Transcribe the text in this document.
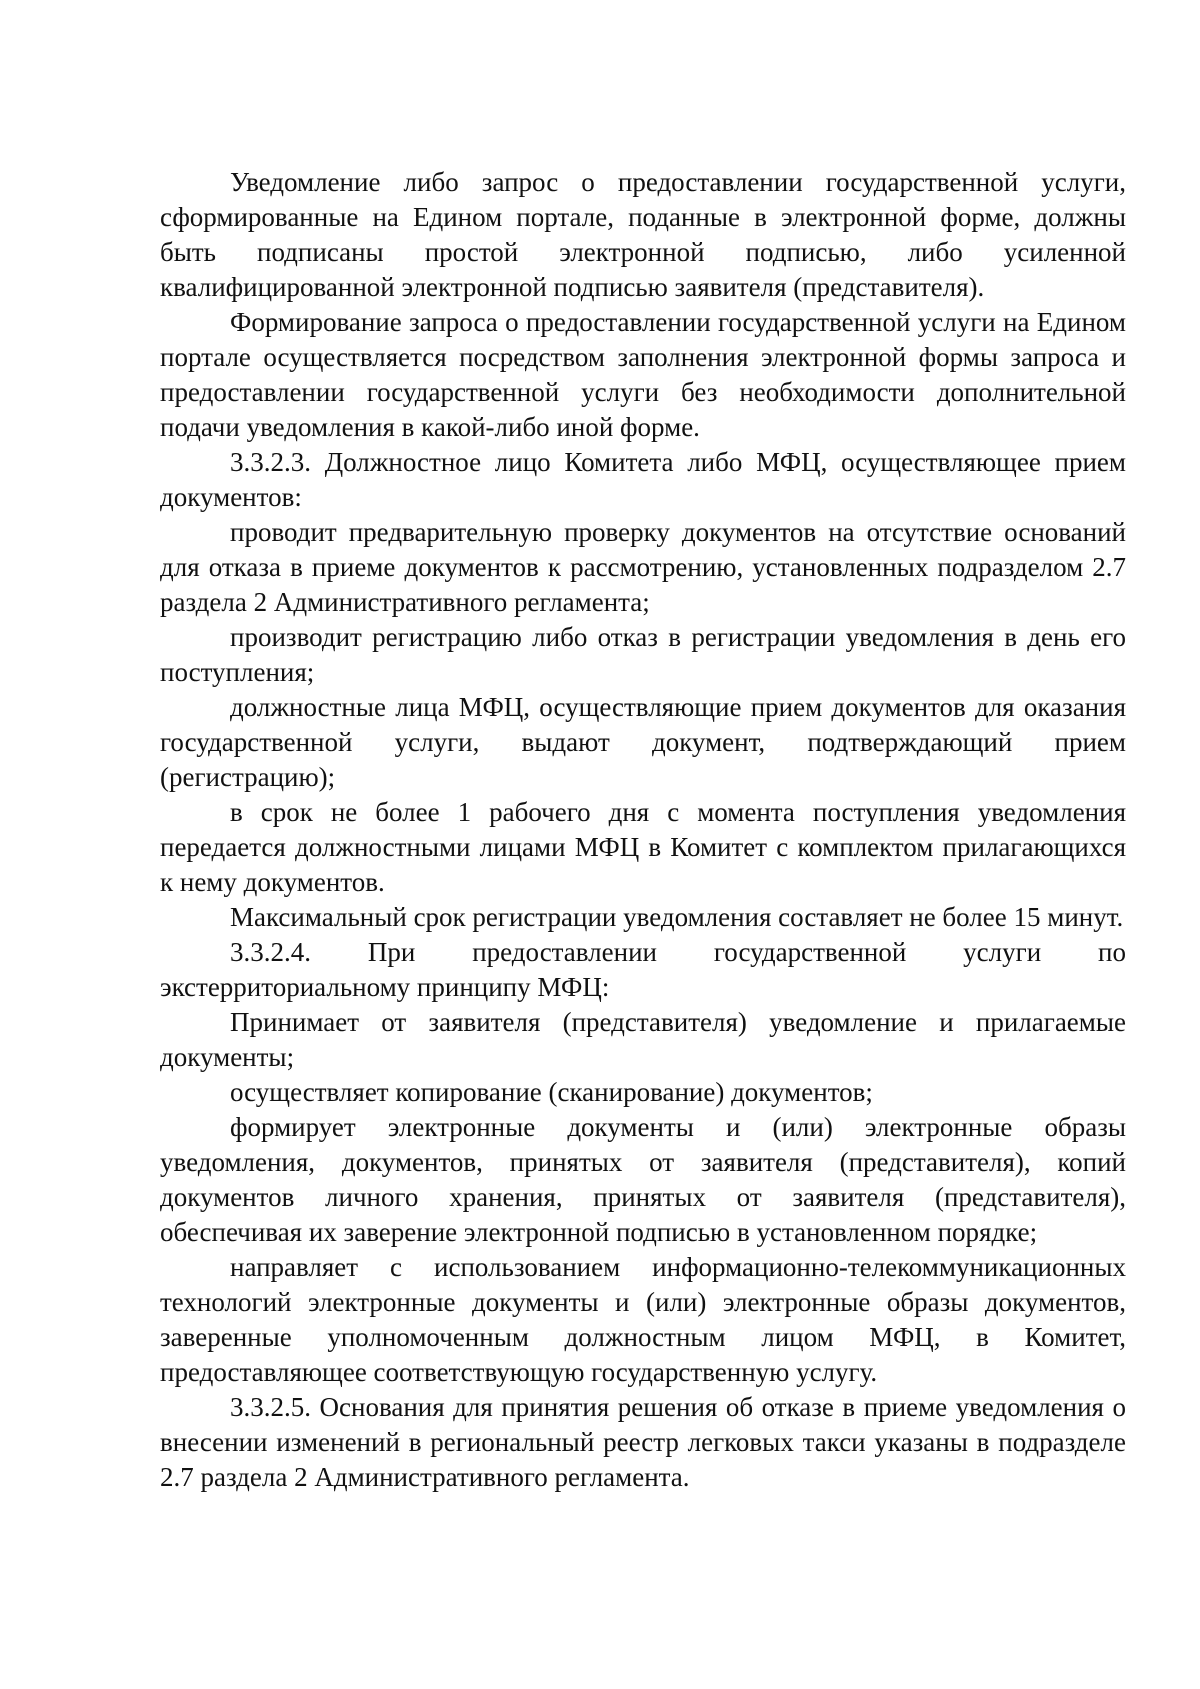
Уведомление либо запрос о предоставлении государственной услуги, сформированные на Едином портале, поданные в электронной форме, должны быть подписаны простой электронной подписью, либо усиленной квалифицированной электронной подписью заявителя (представителя).

Формирование запроса о предоставлении государственной услуги на Едином портале осуществляется посредством заполнения электронной формы запроса и предоставлении государственной услуги без необходимости дополнительной подачи уведомления в какой-либо иной форме.

3.3.2.3. Должностное лицо Комитета либо МФЦ, осуществляющее прием документов:

проводит предварительную проверку документов на отсутствие оснований для отказа в приеме документов к рассмотрению, установленных подразделом 2.7 раздела 2 Административного регламента;

производит регистрацию либо отказ в регистрации уведомления в день его поступления;

должностные лица МФЦ, осуществляющие прием документов для оказания государственной услуги, выдают документ, подтверждающий прием (регистрацию);

в срок не более 1 рабочего дня с момента поступления уведомления передается должностными лицами МФЦ в Комитет с комплектом прилагающихся к нему документов.

Максимальный срок регистрации уведомления составляет не более 15 минут.

3.3.2.4. При предоставлении государственной услуги по экстерриториальному принципу МФЦ:

Принимает от заявителя (представителя) уведомление и прилагаемые документы;

осуществляет копирование (сканирование) документов;

формирует электронные документы и (или) электронные образы уведомления, документов, принятых от заявителя (представителя), копий документов личного хранения, принятых от заявителя (представителя), обеспечивая их заверение электронной подписью в установленном порядке;

направляет с использованием информационно-телекоммуникационных технологий электронные документы и (или) электронные образы документов, заверенные уполномоченным должностным лицом МФЦ, в Комитет, предоставляющее соответствующую государственную услугу.

3.3.2.5. Основания для принятия решения об отказе в приеме уведомления о внесении изменений в региональный реестр легковых такси указаны в подразделе 2.7 раздела 2 Административного регламента.
